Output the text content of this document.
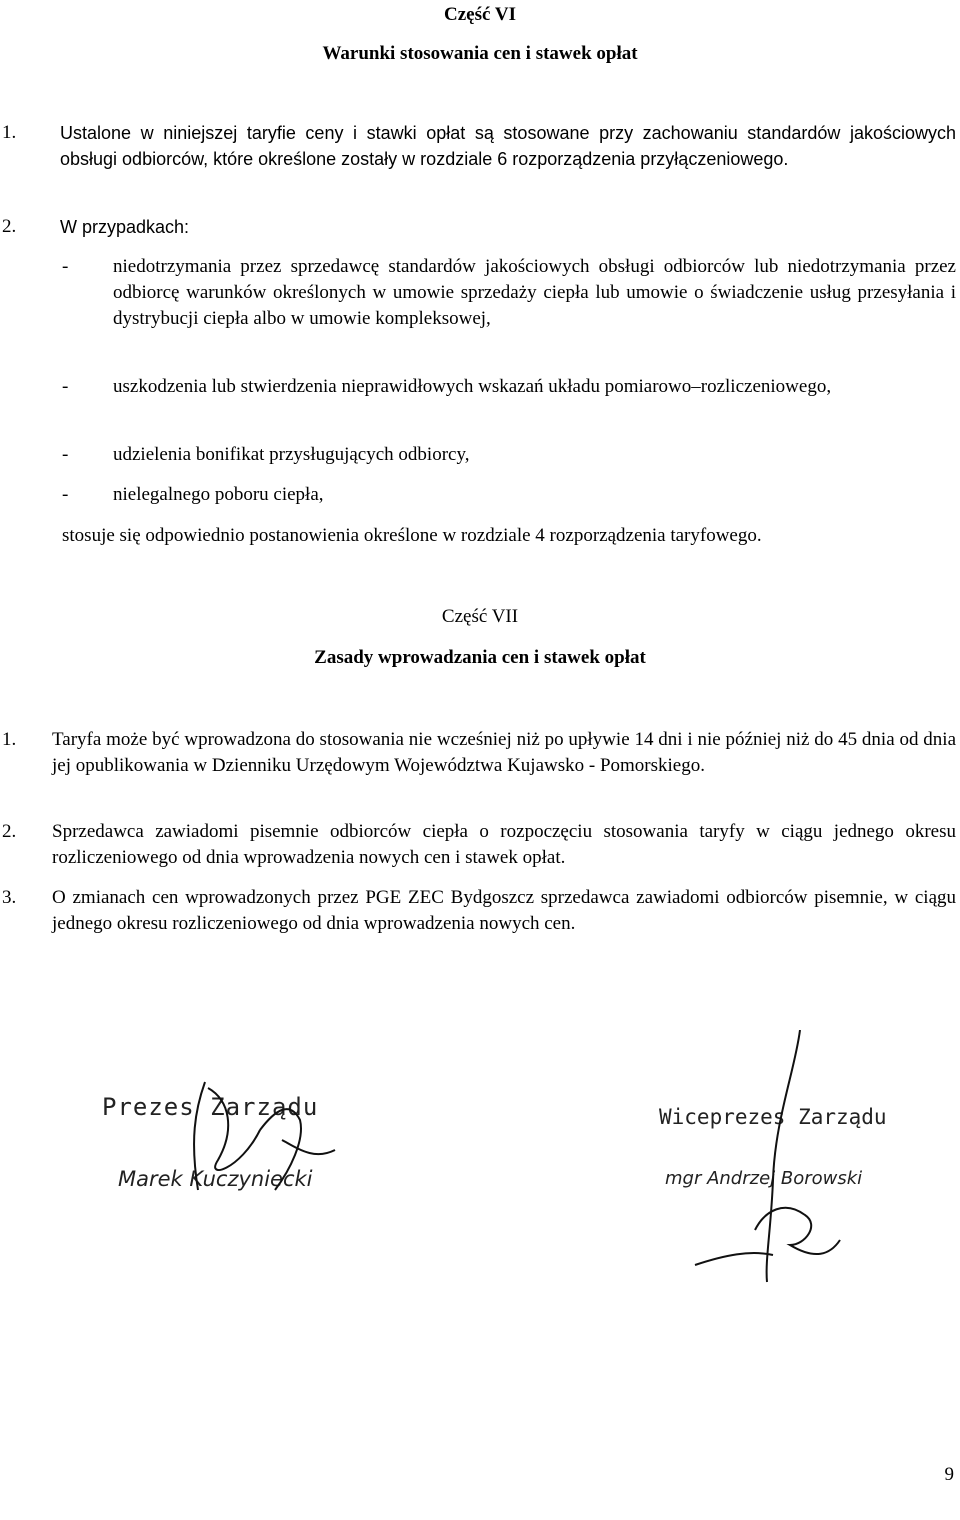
Część VI
Warunki stosowania cen i stawek opłat
1. Ustalone w niniejszej taryfie ceny i stawki opłat są stosowane przy zachowaniu standardów jakościowych obsługi odbiorców, które określone zostały w rozdziale 6 rozporządzenia przyłączeniowego.
2. W przypadkach:
- niedotrzymania przez sprzedawcę standardów jakościowych obsługi odbiorców lub niedotrzymania przez odbiorcę warunków określonych w umowie sprzedaży ciepła lub umowie o świadczenie usług przesyłania i dystrybucji ciepła albo w umowie kompleksowej,
- uszkodzenia lub stwierdzenia nieprawidłowych wskazań układu pomiarowo–rozliczeniowego,
- udzielenia bonifikat przysługujących odbiorcy,
- nielegalnego poboru ciepła,
stosuje się odpowiednio postanowienia określone w rozdziale 4 rozporządzenia taryfowego.
Część VII
Zasady wprowadzania cen i stawek opłat
1. Taryfa może być wprowadzona do stosowania nie wcześniej niż po upływie 14 dni i nie później niż do 45 dnia od dnia jej opublikowania w Dzienniku Urzędowym Województwa Kujawsko - Pomorskiego.
2. Sprzedawca zawiadomi pisemnie odbiorców ciepła o rozpoczęciu stosowania taryfy w ciągu jednego okresu rozliczeniowego od dnia wprowadzenia nowych cen i stawek opłat.
3. O zmianach cen wprowadzonych przez PGE ZEC Bydgoszcz sprzedawca zawiadomi odbiorców pisemnie, w ciągu jednego okresu rozliczeniowego od dnia wprowadzenia nowych cen.
Prezes Zarządu
Marek Kuczyniecki
Wiceprezes Zarządu
mgr Andrzej Borowski
9
